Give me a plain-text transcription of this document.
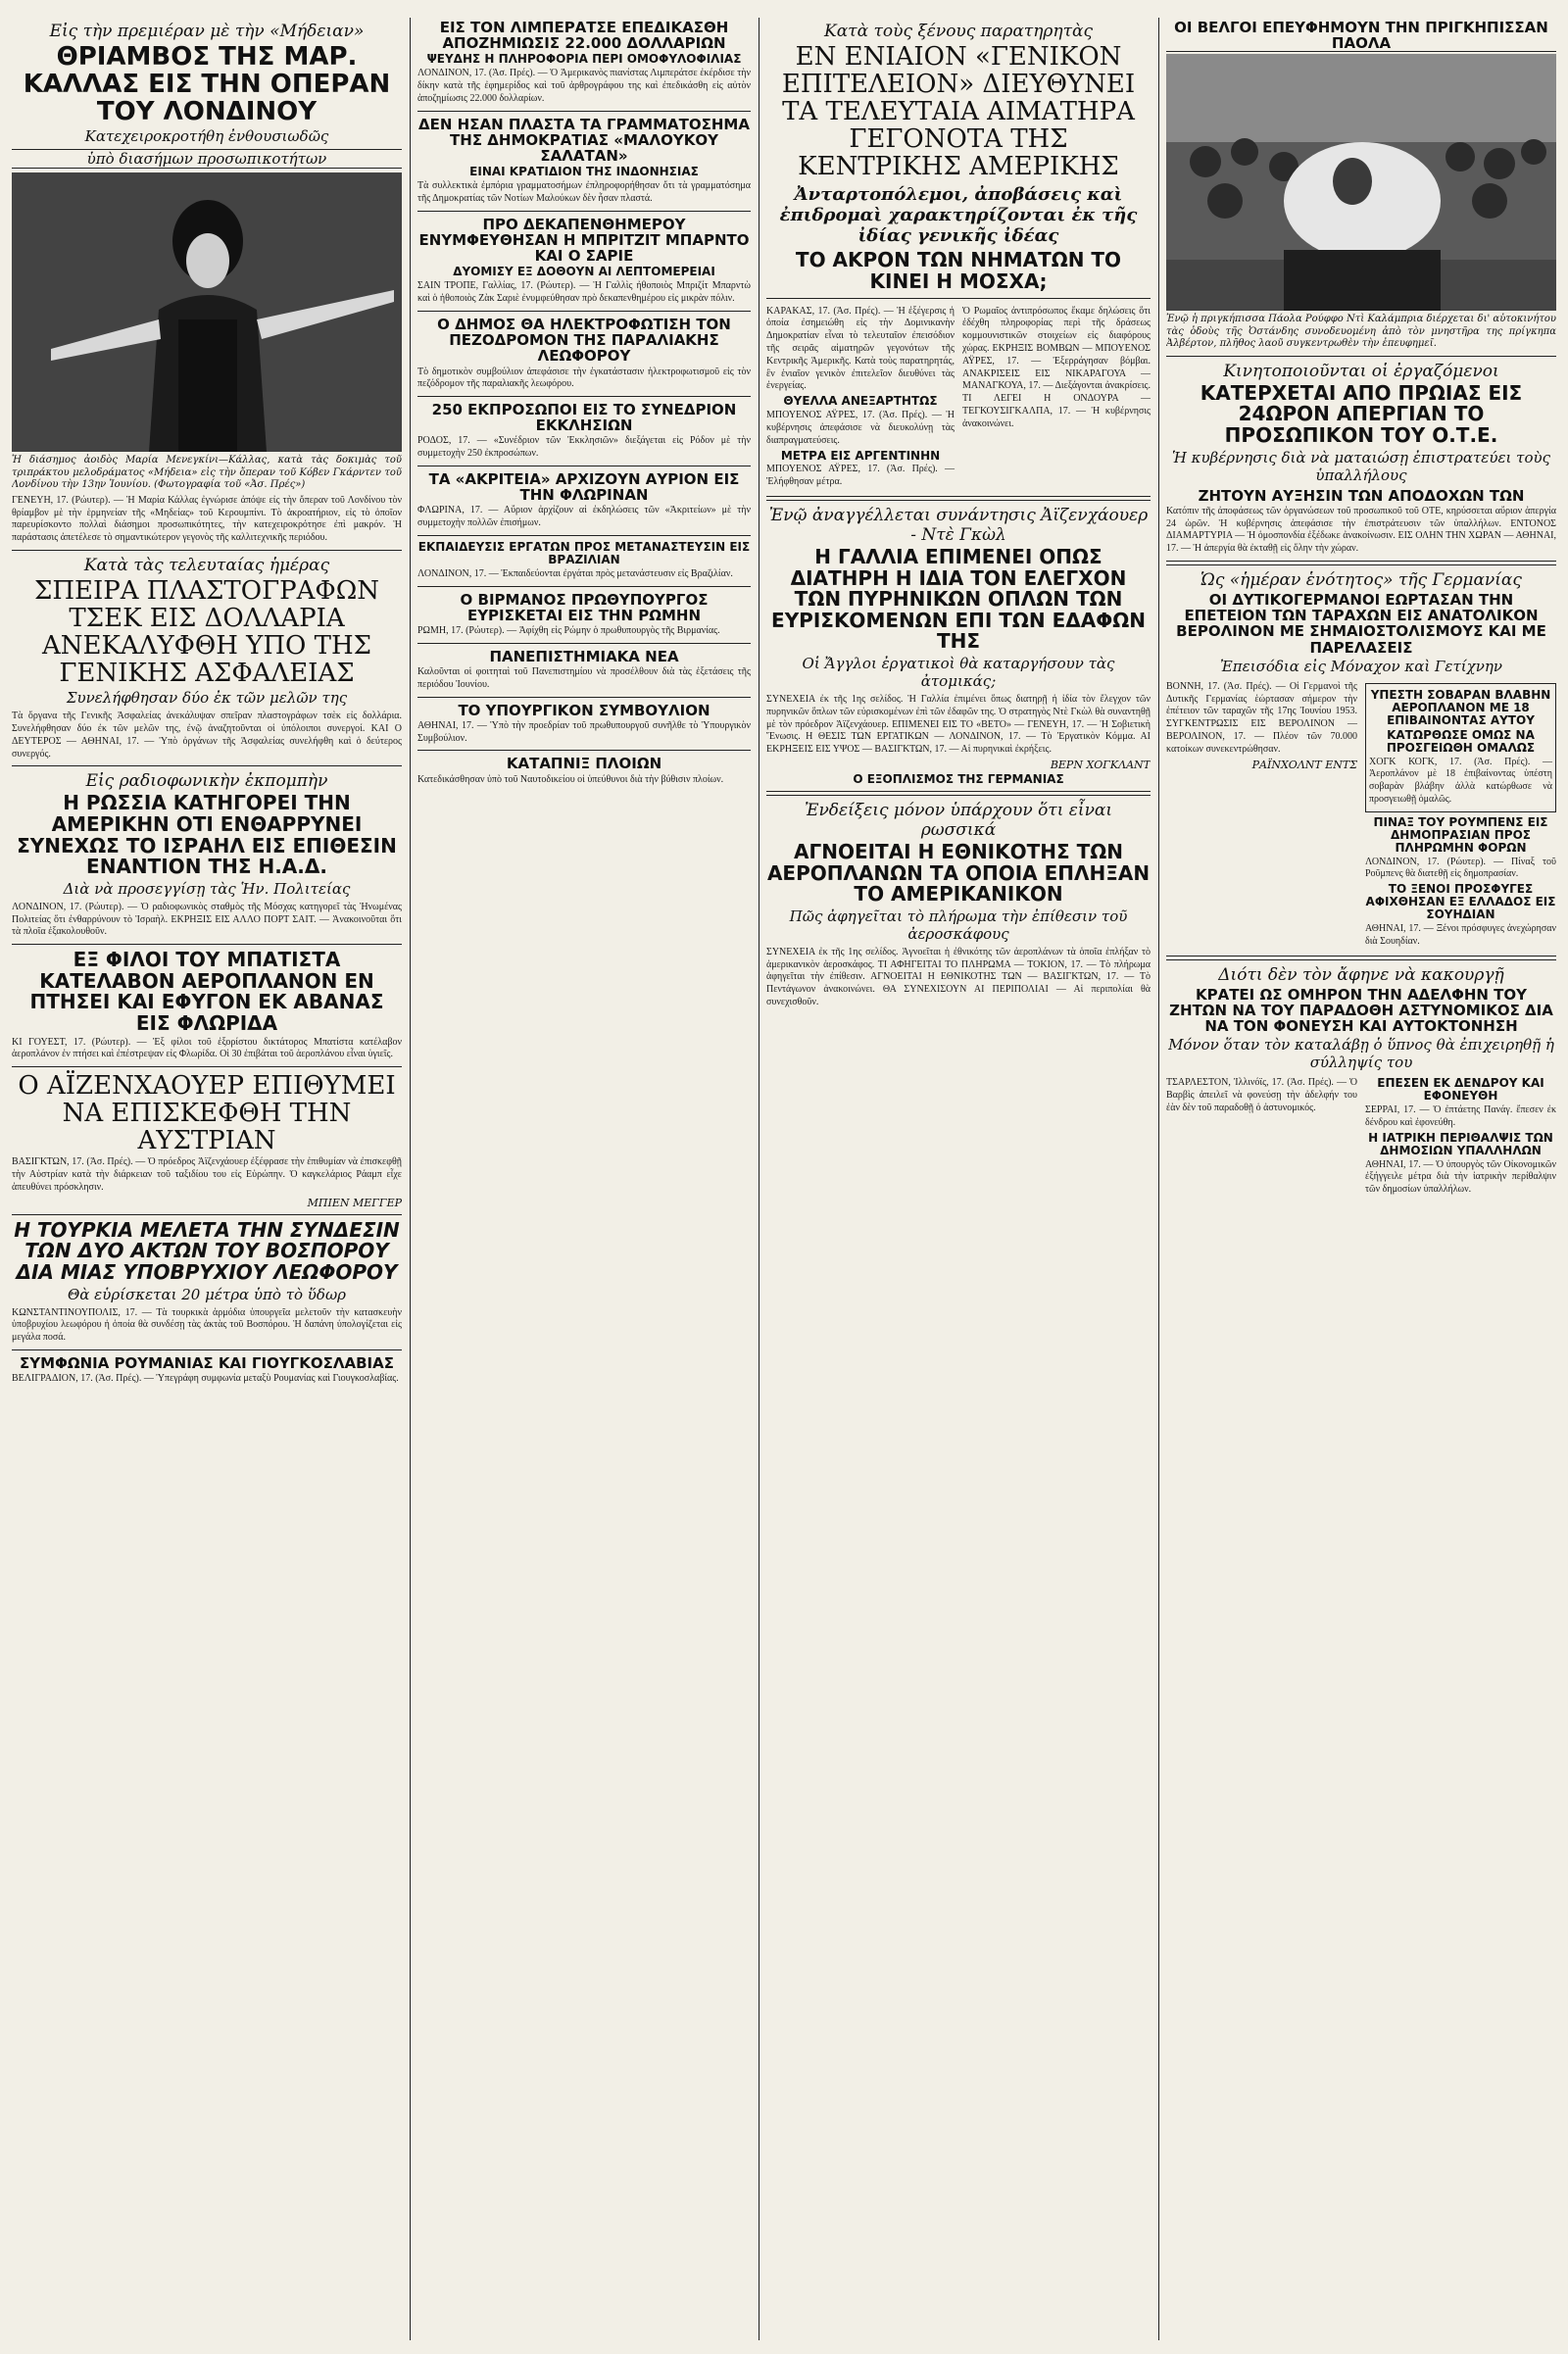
Εἰς τὴν πρεμιέραν μὲ τὴν «Μήδειαν»
ΘΡΙΑΜΒΟΣ ΤΗΣ ΜΑΡ. ΚΑΛΛΑΣ ΕΙΣ ΤΗΝ ΟΠΕΡΑΝ ΤΟΥ ΛΟΝΔΙΝΟΥ
Κατεχειροκροτήθη ἐνθουσιωδῶς
ὑπὸ διασήμων προσωπικοτήτων
Ἡ διάσημος ἀοιδὸς Μαρία Μενεγκίνι—Κάλλας, κατὰ τὰς δοκιμὰς τοῦ τριπράκτου μελοδράματος «Μήδεια» εἰς τὴν ὄπεραν τοῦ Κόβεν Γκάρντεν τοῦ Λονδίνου τὴν 13ην Ἰουνίου. (Φωτογραφία τοῦ «Ἀσ. Πρές»)
ΓΕΝΕΥΗ, 17. (Ρώυτερ). — Ἡ Μαρία Κάλλας ἐγνώρισε ἀπόψε εἰς τὴν ὄπεραν τοῦ Λονδίνου τὸν θρίαμβον μὲ τὴν ἑρμηνείαν τῆς «Μηδείας» τοῦ Κερουμπίνι. Τὸ ἀκροατήριον, εἰς τὸ ὁποῖον παρευρίσκοντο πολλαὶ διάσημοι προσωπικότητες, τὴν κατεχειροκρότησε ἐπὶ μακρόν. Ἡ παράστασις ἀπετέλεσε τὸ σημαντικώτερον γεγονὸς τῆς καλλιτεχνικῆς περιόδου.
Κατὰ τὰς τελευταίας ἡμέρας
ΣΠΕΙΡΑ ΠΛΑΣΤΟΓΡΑΦΩΝ ΤΣΕΚ ΕΙΣ ΔΟΛΛΑΡΙΑ ΑΝΕΚΑΛΥΦΘΗ ΥΠΟ ΤΗΣ ΓΕΝΙΚΗΣ ΑΣΦΑΛΕΙΑΣ
Συνελήφθησαν δύο ἐκ τῶν μελῶν της
Τὰ ὄργανα τῆς Γενικῆς Ἀσφαλείας ἀνεκάλυψαν σπεῖραν πλαστογράφων τσὲκ εἰς δολλάρια. Συνελήφθησαν δύο ἐκ τῶν μελῶν της, ἐνῷ ἀναζητοῦνται οἱ ὑπόλοιποι συνεργοί. ΚΑΙ Ο ΔΕΥΤΕΡΟΣ — ΑΘΗΝΑΙ, 17. — Ὑπὸ ὀργάνων τῆς Ἀσφαλείας συνελήφθη καὶ ὁ δεύτερος συνεργός.
Εἰς ραδιοφωνικὴν ἐκπομπὴν
Η ΡΩΣΣΙΑ ΚΑΤΗΓΟΡΕΙ ΤΗΝ ΑΜΕΡΙΚΗΝ ΟΤΙ ΕΝΘΑΡΡΥΝΕΙ ΣΥΝΕΧΩΣ ΤΟ ΙΣΡΑΗΛ ΕΙΣ ΕΠΙΘΕΣΙΝ ΕΝΑΝΤΙΟΝ ΤΗΣ Η.Α.Δ.
Διὰ νὰ προσεγγίσῃ τὰς Ἡν. Πολιτείας
ΛΟΝΔΙΝΟΝ, 17. (Ρώυτερ). — Ὁ ραδιοφωνικὸς σταθμὸς τῆς Μόσχας κατηγορεῖ τὰς Ἡνωμένας Πολιτείας ὅτι ἐνθαρρύνουν τὸ Ἰσραὴλ. ΕΚΡΗΞΙΣ ΕΙΣ ΑΛΛΟ ΠΟΡΤ ΣΑΙΤ. — Ἀνακοινοῦται ὅτι τὰ πλοῖα ἐξακολουθοῦν.
ΕΞ ΦΙΛΟΙ ΤΟΥ ΜΠΑΤΙΣΤΑ ΚΑΤΕΛΑΒΟΝ ΑΕΡΟΠΛΑΝΟΝ ΕΝ ΠΤΗΣΕΙ ΚΑΙ ΕΦΥΓΟΝ ΕΚ ΑΒΑΝΑΣ ΕΙΣ ΦΛΩΡΙΔΑ
ΚΙ ΓΟΥΕΣΤ, 17. (Ρώυτερ). — Ἑξ φίλοι τοῦ ἐξορίστου δικτάτορος Μπατίστα κατέλαβον ἀεροπλάνον ἐν πτήσει καὶ ἐπέστρεψαν εἰς Φλωρίδα. Οἱ 30 ἐπιβάται τοῦ ἀεροπλάνου εἶναι ὑγιεῖς.
Ο ΑΪΖΕΝΧΑΟΥΕΡ ΕΠΙΘΥΜΕΙ ΝΑ ΕΠΙΣΚΕΦΘΗ ΤΗΝ ΑΥΣΤΡΙΑΝ
ΒΑΣΙΓΚΤΩΝ, 17. (Ἀσ. Πρές). — Ὁ πρόεδρος Ἀϊζενχάουερ ἐξέφρασε τὴν ἐπιθυμίαν νὰ ἐπισκεφθῇ τὴν Αὐστρίαν κατὰ τὴν διάρκειαν τοῦ ταξιδίου του εἰς Εὐρώπην. Ὁ καγκελάριος Ράαμπ εἶχε ἀπευθύνει πρόσκλησιν.
ΜΠΙΕΝ ΜΕΓΓΕΡ
Η ΤΟΥΡΚΙΑ ΜΕΛΕΤΑ ΤΗΝ ΣΥΝΔΕΣΙΝ ΤΩΝ ΔΥΟ ΑΚΤΩΝ ΤΟΥ ΒΟΣΠΟΡΟΥ ΔΙΑ ΜΙΑΣ ΥΠΟΒΡΥΧΙΟΥ ΛΕΩΦΟΡΟΥ
Θὰ εὑρίσκεται 20 μέτρα ὑπὸ τὸ ὕδωρ
ΚΩΝΣΤΑΝΤΙΝΟΥΠΟΛΙΣ, 17. — Τὰ τουρκικὰ ἀρμόδια ὑπουργεῖα μελετοῦν τὴν κατασκευὴν ὑποβρυχίου λεωφόρου ἡ ὁποία θὰ συνδέσῃ τὰς ἀκτὰς τοῦ Βοσπόρου. Ἡ δαπάνη ὑπολογίζεται εἰς μεγάλα ποσά.
ΣΥΜΦΩΝΙΑ ΡΟΥΜΑΝΙΑΣ ΚΑΙ ΓΙΟΥΓΚΟΣΛΑΒΙΑΣ
ΒΕΛΙΓΡΑΔΙΟΝ, 17. (Ἀσ. Πρές). — Ὑπεγράφη συμφωνία μεταξὺ Ρουμανίας καὶ Γιουγκοσλαβίας.
ΕΙΣ ΤΟΝ ΛΙΜΠΕΡΑΤΣΕ ΕΠΕΔΙΚΑΣΘΗ ΑΠΟΖΗΜΙΩΣΙΣ 22.000 ΔΟΛΛΑΡΙΩΝ
ΨΕΥΔΗΣ Η ΠΛΗΡΟΦΟΡΙΑ ΠΕΡΙ ΟΜΟΦΥΛΟΦΙΛΙΑΣ
ΛΟΝΔΙΝΟΝ, 17. (Ἀσ. Πρές). — Ὁ Ἀμερικανὸς πιανίστας Λιμπεράτσε ἐκέρδισε τὴν δίκην κατὰ τῆς ἐφημερίδος καὶ τοῦ ἀρθρογράφου της καὶ ἐπεδικάσθη εἰς αὐτὸν ἀποζημίωσις 22.000 δολλαρίων.
ΔΕΝ ΗΣΑΝ ΠΛΑΣΤΑ ΤΑ ΓΡΑΜΜΑΤΟΣΗΜΑ ΤΗΣ ΔΗΜΟΚΡΑΤΙΑΣ «ΜΑΛΟΥΚΟΥ ΣΑΛΑΤΑΝ»
ΕΙΝΑΙ ΚΡΑΤΙΔΙΟΝ ΤΗΣ ΙΝΔΟΝΗΣΙΑΣ
Τὰ συλλεκτικὰ ἐμπόρια γραμματοσήμων ἐπληροφορήθησαν ὅτι τὰ γραμματόσημα τῆς Δημοκρατίας τῶν Νοτίων Μαλούκων δὲν ἦσαν πλαστά.
ΠΡΟ ΔΕΚΑΠΕΝΘΗΜΕΡΟΥ ΕΝΥΜΦΕΥΘΗΣΑΝ Η ΜΠΡΙΤΖΙΤ ΜΠΑΡΝΤΟ ΚΑΙ Ο ΣΑΡΙΕ
ΔΥΟΜΙΣΥ ΕΞ ΔΟΘΟΥΝ ΑΙ ΛΕΠΤΟΜΕΡΕΙΑΙ
ΣΑΙΝ ΤΡΟΠΕ, Γαλλίας, 17. (Ρώυτερ). — Ἡ Γαλλὶς ἠθοποιὸς Μπριζίτ Μπαρντὼ καὶ ὁ ἠθοποιὸς Ζὰκ Σαριὲ ἐνυμφεύθησαν πρὸ δεκαπενθημέρου εἰς μικρὰν πόλιν.
Ο ΔΗΜΟΣ ΘΑ ΗΛΕΚΤΡΟΦΩΤΙΣΗ ΤΟΝ ΠΕΖΟΔΡΟΜΟΝ ΤΗΣ ΠΑΡΑΛΙΑΚΗΣ ΛΕΩΦΟΡΟΥ
Τὸ δημοτικὸν συμβούλιον ἀπεφάσισε τὴν ἐγκατάστασιν ἠλεκτροφωτισμοῦ εἰς τὸν πεζόδρομον τῆς παραλιακῆς λεωφόρου.
250 ΕΚΠΡΟΣΩΠΟΙ ΕΙΣ ΤΟ ΣΥΝΕΔΡΙΟΝ ΕΚΚΛΗΣΙΩΝ
ΡΟΔΟΣ, 17. — «Συνέδριον τῶν Ἐκκλησιῶν» διεξάγεται εἰς Ρόδον μὲ τὴν συμμετοχὴν 250 ἐκπροσώπων.
ΤΑ «ΑΚΡΙΤΕΙΑ» ΑΡΧΙΖΟΥΝ ΑΥΡΙΟΝ ΕΙΣ ΤΗΝ ΦΛΩΡΙΝΑΝ
ΦΛΩΡΙΝΑ, 17. — Αὔριον ἀρχίζουν αἱ ἐκδηλώσεις τῶν «Ἀκριτείων» μὲ τὴν συμμετοχὴν πολλῶν ἐπισήμων.
ΕΚΠΑΙΔΕΥΣΙΣ ΕΡΓΑΤΩΝ ΠΡΟΣ ΜΕΤΑΝΑΣΤΕΥΣΙΝ ΕΙΣ ΒΡΑΖΙΛΙΑΝ
ΛΟΝΔΙΝΟΝ, 17. — Ἐκπαιδεύονται ἐργάται πρὸς μετανάστευσιν εἰς Βραζιλίαν.
Ο ΒΙΡΜΑΝΟΣ ΠΡΩΘΥΠΟΥΡΓΟΣ ΕΥΡΙΣΚΕΤΑΙ ΕΙΣ ΤΗΝ ΡΩΜΗΝ
ΡΩΜΗ, 17. (Ρώυτερ). — Ἀφίχθη εἰς Ρώμην ὁ πρωθυπουργὸς τῆς Βιρμανίας.
ΠΑΝΕΠΙΣΤΗΜΙΑΚΑ ΝΕΑ
Καλοῦνται οἱ φοιτηταὶ τοῦ Πανεπιστημίου νὰ προσέλθουν διὰ τὰς ἐξετάσεις τῆς περιόδου Ἰουνίου.
ΤΟ ΥΠΟΥΡΓΙΚΟΝ ΣΥΜΒΟΥΛΙΟΝ
ΑΘΗΝΑΙ, 17. — Ὑπὸ τὴν προεδρίαν τοῦ πρωθυπουργοῦ συνῆλθε τὸ Ὑπουργικὸν Συμβούλιον.
ΚΑΤΑΠΝΙΞ ΠΛΟΙΩΝ
Κατεδικάσθησαν ὑπὸ τοῦ Ναυτοδικείου οἱ ὑπεύθυνοι διὰ τὴν βύθισιν πλοίων.
Κατὰ τοὺς ξένους παρατηρητὰς
ΕΝ ΕΝΙΑΙΟΝ «ΓΕΝΙΚΟΝ ΕΠΙΤΕΛΕΙΟΝ» ΔΙΕΥΘΥΝΕΙ ΤΑ ΤΕΛΕΥΤΑΙΑ ΑΙΜΑΤΗΡΑ ΓΕΓΟΝΟΤΑ ΤΗΣ ΚΕΝΤΡΙΚΗΣ ΑΜΕΡΙΚΗΣ
Ἀνταρτοπόλεμοι, ἀποβάσεις καὶ ἐπιδρομαὶ χαρακτηρίζονται ἐκ τῆς ἰδίας γενικῆς ἰδέας
ΤΟ ΑΚΡΟΝ ΤΩΝ ΝΗΜΑΤΩΝ ΤΟ ΚΙΝΕΙ Η ΜΟΣΧΑ;
ΚΑΡΑΚΑΣ, 17. (Ἀσ. Πρές). — Ἡ ἐξέγερσις ἡ ὁποία ἐσημειώθη εἰς τὴν Δομινικανὴν Δημοκρατίαν εἶναι τὸ τελευταῖον ἐπεισόδιον τῆς σειρᾶς αἱματηρῶν γεγονότων τῆς Κεντρικῆς Ἀμερικῆς. Κατὰ τοὺς παρατηρητάς, ἓν ἑνιαῖον γενικὸν ἐπιτελεῖον διευθύνει τὰς ἐνεργείας.
ΘΥΕΛΛΑ ΑΝΕΞΑΡΤΗΤΩΣ
ΜΠΟΥΕΝΟΣ ΑΫΡΕΣ, 17. (Ἀσ. Πρές). — Ἡ κυβέρνησις ἀπεφάσισε νὰ διευκολύνῃ τὰς διαπραγματεύσεις.
ΜΕΤΡΑ ΕΙΣ ΑΡΓΕΝΤΙΝΗΝ
ΜΠΟΥΕΝΟΣ ΑΫΡΕΣ, 17. (Ἀσ. Πρές). — Ἐλήφθησαν μέτρα.
Ὁ Ρωμαῖος ἀντιπρόσωπος ἔκαμε δηλώσεις ὅτι ἐδέχθη πληροφορίας περὶ τῆς δράσεως κομμουνιστικῶν στοιχείων εἰς διαφόρους χώρας. ΕΚΡΗΞΙΣ ΒΟΜΒΩΝ — ΜΠΟΥΕΝΟΣ ΑΫΡΕΣ, 17. — Ἐξερράγησαν βόμβαι. ΑΝΑΚΡΙΣΕΙΣ ΕΙΣ ΝΙΚΑΡΑΓΟΥΑ — ΜΑΝΑΓΚΟΥΑ, 17. — Διεξάγονται ἀνακρίσεις. ΤΙ ΛΕΓΕΙ Η ΟΝΔΟΥΡΑ — ΤΕΓΚΟΥΣΙΓΚΑΛΠΑ, 17. — Ἡ κυβέρνησις ἀνακοινώνει.
Ἐνῷ ἀναγγέλλεται συνάντησις Ἀϊζενχάουερ - Ντὲ Γκὼλ
Η ΓΑΛΛΙΑ ΕΠΙΜΕΝΕΙ ΟΠΩΣ ΔΙΑΤΗΡΗ Η ΙΔΙΑ ΤΟΝ ΕΛΕΓΧΟΝ ΤΩΝ ΠΥΡΗΝΙΚΩΝ ΟΠΛΩΝ ΤΩΝ ΕΥΡΙΣΚΟΜΕΝΩΝ ΕΠΙ ΤΩΝ ΕΔΑΦΩΝ ΤΗΣ
Οἱ Ἄγγλοι ἐργατικοὶ θὰ καταργήσουν τὰς ἀτομικάς;
ΣΥΝΕΧΕΙΑ ἐκ τῆς 1ης σελίδος. Ἡ Γαλλία ἐπιμένει ὅπως διατηρῇ ἡ ἰδία τὸν ἔλεγχον τῶν πυρηνικῶν ὅπλων τῶν εὑρισκομένων ἐπὶ τῶν ἐδαφῶν της. Ὁ στρατηγὸς Ντὲ Γκὼλ θὰ συναντηθῇ μὲ τὸν πρόεδρον Ἀϊζενχάουερ. ΕΠΙΜΕΝΕΙ ΕΙΣ ΤΟ «ΒΕΤΟ» — ΓΕΝΕΥΗ, 17. — Ἡ Σοβιετικὴ Ἕνωσις. Η ΘΕΣΙΣ ΤΩΝ ΕΡΓΑΤΙΚΩΝ — ΛΟΝΔΙΝΟΝ, 17. — Τὸ Ἐργατικὸν Κόμμα. ΑΙ ΕΚΡΗΞΕΙΣ ΕΙΣ ΥΨΟΣ — ΒΑΣΙΓΚΤΩΝ, 17. — Αἱ πυρηνικαὶ ἐκρήξεις.
ΒΕΡΝ ΧΟΓΚΛΑΝΤ
Ο ΕΞΟΠΛΙΣΜΟΣ ΤΗΣ ΓΕΡΜΑΝΙΑΣ
Ἐνδείξεις μόνον ὑπάρχουν ὅτι εἶναι ρωσσικά
ΑΓΝΟΕΙΤΑΙ Η ΕΘΝΙΚΟΤΗΣ ΤΩΝ ΑΕΡΟΠΛΑΝΩΝ ΤΑ ΟΠΟΙΑ ΕΠΛΗΞΑΝ ΤΟ ΑΜΕΡΙΚΑΝΙΚΟΝ
Πῶς ἀφηγεῖται τὸ πλήρωμα τὴν ἐπίθεσιν τοῦ ἀεροσκάφους
ΣΥΝΕΧΕΙΑ ἐκ τῆς 1ης σελίδος. Ἀγνοεῖται ἡ ἐθνικότης τῶν ἀεροπλάνων τὰ ὁποῖα ἐπλήξαν τὸ ἀμερικανικὸν ἀεροσκάφος. ΤΙ ΑΦΗΓΕΙΤΑΙ ΤΟ ΠΛΗΡΩΜΑ — ΤΟΚΙΟΝ, 17. — Τὸ πλήρωμα ἀφηγεῖται τὴν ἐπίθεσιν. ΑΓΝΟΕΙΤΑΙ Η ΕΘΝΙΚΟΤΗΣ ΤΩΝ — ΒΑΣΙΓΚΤΩΝ, 17. — Τὸ Πεντάγωνον ἀνακοινώνει. ΘΑ ΣΥΝΕΧΙΣΟΥΝ ΑΙ ΠΕΡΙΠΟΛΙΑΙ — Αἱ περιπολίαι θὰ συνεχισθοῦν.
ΟΙ ΒΕΛΓΟΙ ΕΠΕΥΦΗΜΟΥΝ ΤΗΝ ΠΡΙΓΚΗΠΙΣΣΑΝ ΠΑΟΛΑ
Ἐνῷ ἡ πριγκήπισσα Πάολα Ρούφφο Ντὶ Καλάμπρια διέρχεται δι' αὐτοκινήτου τὰς ὁδοὺς τῆς Ὀστάνδης συνοδευομένη ἀπὸ τὸν μνηστῆρα της πρίγκηπα Ἀλβέρτον, πλῆθος λαοῦ συγκεντρωθὲν τὴν ἐπευφημεῖ.
Κινητοποιοῦνται οἱ ἐργαζόμενοι
ΚΑΤΕΡΧΕΤΑΙ ΑΠΟ ΠΡΩΙΑΣ ΕΙΣ 24ΩΡΟΝ ΑΠΕΡΓΙΑΝ ΤΟ ΠΡΟΣΩΠΙΚΟΝ ΤΟΥ Ο.Τ.Ε.
Ἡ κυβέρνησις διὰ νὰ ματαιώσῃ ἐπιστρατεύει τοὺς ὑπαλλήλους
ΖΗΤΟΥΝ ΑΥΞΗΣΙΝ ΤΩΝ ΑΠΟΔΟΧΩΝ ΤΩΝ
Κατόπιν τῆς ἀποφάσεως τῶν ὀργανώσεων τοῦ προσωπικοῦ τοῦ ΟΤΕ, κηρύσσεται αὔριον ἀπεργία 24 ὡρῶν. Ἡ κυβέρνησις ἀπεφάσισε τὴν ἐπιστράτευσιν τῶν ὑπαλλήλων. ΕΝΤΟΝΟΣ ΔΙΑΜΑΡΤΥΡΙΑ — Ἡ ὁμοσπονδία ἐξέδωκε ἀνακοίνωσιν. ΕΙΣ ΟΛΗΝ ΤΗΝ ΧΩΡΑΝ — ΑΘΗΝΑΙ, 17. — Ἡ ἀπεργία θὰ ἐκταθῇ εἰς ὅλην τὴν χώραν.
Ὡς «ἡμέραν ἑνότητος» τῆς Γερμανίας
ΟΙ ΔΥΤΙΚΟΓΕΡΜΑΝΟΙ ΕΩΡΤΑΣΑΝ ΤΗΝ ΕΠΕΤΕΙΟΝ ΤΩΝ ΤΑΡΑΧΩΝ ΕΙΣ ΑΝΑΤΟΛΙΚΟΝ ΒΕΡΟΛΙΝΟΝ ΜΕ ΣΗΜΑΙΟΣΤΟΛΙΣΜΟΥΣ ΚΑΙ ΜΕ ΠΑΡΕΛΑΣΕΙΣ
Ἐπεισόδια εἰς Μόναχον καὶ Γετίχνην
ΒΟΝΝΗ, 17. (Ἀσ. Πρές). — Οἱ Γερμανοὶ τῆς Δυτικῆς Γερμανίας ἑώρτασαν σήμερον τὴν ἐπέτειον τῶν ταραχῶν τῆς 17ης Ἰουνίου 1953. ΣΥΓΚΕΝΤΡΩΣΙΣ ΕΙΣ ΒΕΡΟΛΙΝΟΝ — ΒΕΡΟΛΙΝΟΝ, 17. — Πλέον τῶν 70.000 κατοίκων συνεκεντρώθησαν.
ΡΑΪΝΧΟΛΝΤ ΕΝΤΣ
ΥΠΕΣΤΗ ΣΟΒΑΡΑΝ ΒΛΑΒΗΝ ΑΕΡΟΠΛΑΝΟΝ ΜΕ 18 ΕΠΙΒΑΙΝΟΝΤΑΣ ΑΥΤΟΥ
ΚΑΤΩΡΘΩΣΕ ΟΜΩΣ ΝΑ ΠΡΟΣΓΕΙΩΘΗ ΟΜΑΛΩΣ
ΧΟΓΚ ΚΟΓΚ, 17. (Ἀσ. Πρές). — Ἀεροπλάνον μὲ 18 ἐπιβαίνοντας ὑπέστη σοβαρὰν βλάβην ἀλλὰ κατώρθωσε νὰ προσγειωθῇ ὁμαλῶς.
ΠΙΝΑΞ ΤΟΥ ΡΟΥΜΠΕΝΣ ΕΙΣ ΔΗΜΟΠΡΑΣΙΑΝ ΠΡΟΣ ΠΛΗΡΩΜΗΝ ΦΟΡΩΝ
ΛΟΝΔΙΝΟΝ, 17. (Ρώυτερ). — Πίναξ τοῦ Ροῦμπενς θὰ διατεθῇ εἰς δημοπρασίαν.
ΤΟ ΞΕΝΟΙ ΠΡΟΣΦΥΓΕΣ ΑΦΙΧΘΗΣΑΝ ΕΞ ΕΛΛΑΔΟΣ ΕΙΣ ΣΟΥΗΔΙΑΝ
ΑΘΗΝΑΙ, 17. — Ξένοι πρόσφυγες ἀνεχώρησαν διὰ Σουηδίαν.
Διότι δὲν τὸν ἄφηνε νὰ κακουργῇ
ΚΡΑΤΕΙ ΩΣ ΟΜΗΡΟΝ ΤΗΝ ΑΔΕΛΦΗΝ ΤΟΥ ΖΗΤΩΝ ΝΑ ΤΟΥ ΠΑΡΑΔΟΘΗ ΑΣΤΥΝΟΜΙΚΟΣ ΔΙΑ ΝΑ ΤΟΝ ΦΟΝΕΥΣΗ ΚΑΙ ΑΥΤΟΚΤΟΝΗΣΗ
Μόνον ὅταν τὸν καταλάβῃ ὁ ὕπνος θὰ ἐπιχειρηθῇ ἡ σύλληψίς του
ΤΣΑΡΛΕΣΤΟΝ, Ἰλλινόϊς, 17. (Ἀσ. Πρές). — Ὁ Βαρβὶς ἀπειλεῖ νὰ φονεύσῃ τὴν ἀδελφήν του ἐὰν δὲν τοῦ παραδοθῇ ὁ ἀστυνομικός.
ΕΠΕΣΕΝ ΕΚ ΔΕΝΔΡΟΥ ΚΑΙ ΕΦΟΝΕΥΘΗ
ΣΕΡΡΑΙ, 17. — Ὁ ἐπτάετης Πανάγ. ἔπεσεν ἐκ δένδρου καὶ ἐφονεύθη.
Η ΙΑΤΡΙΚΗ ΠΕΡΙΘΑΛΨΙΣ ΤΩΝ ΔΗΜΟΣΙΩΝ ΥΠΑΛΛΗΛΩΝ
ΑΘΗΝΑΙ, 17. — Ὁ ὑπουργὸς τῶν Οἰκονομικῶν ἐξήγγειλε μέτρα διὰ τὴν ἰατρικὴν περίθαλψιν τῶν δημοσίων ὑπαλλήλων.
